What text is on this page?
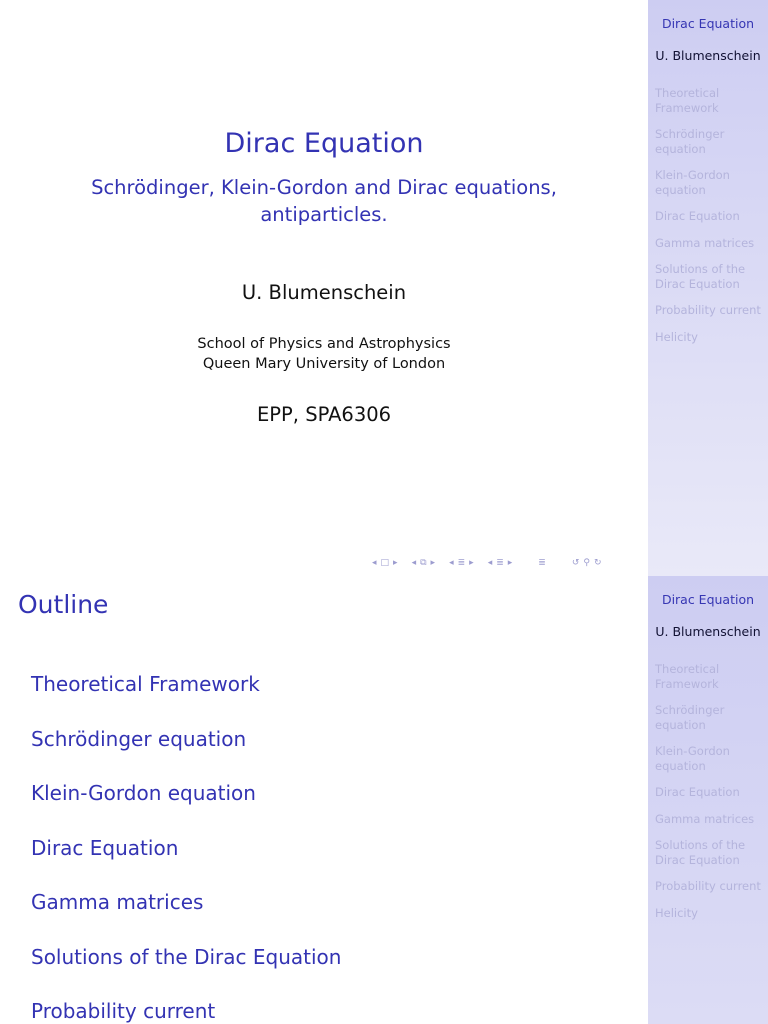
Dirac Equation
Schrödinger, Klein-Gordon and Dirac equations,
antiparticles.
U. Blumenschein
School of Physics and Astrophysics
Queen Mary University of London
EPP, SPA6306
◂ □ ▸ ◂ ⧉ ▸ ◂ ≣ ▸ ◂ ≣ ▸	≣	↺ ⚲ ↻
Dirac Equation
U. Blumenschein
Theoretical Framework
Schrödinger equation
Klein-Gordon equation
Dirac Equation
Gamma matrices
Solutions of the Dirac Equation
Probability current
Helicity
Outline
Theoretical Framework
Schrödinger equation
Klein-Gordon equation
Dirac Equation
Gamma matrices
Solutions of the Dirac Equation
Probability current
Dirac Equation
U. Blumenschein
Theoretical Framework
Schrödinger equation
Klein-Gordon equation
Dirac Equation
Gamma matrices
Solutions of the Dirac Equation
Probability current
Helicity
